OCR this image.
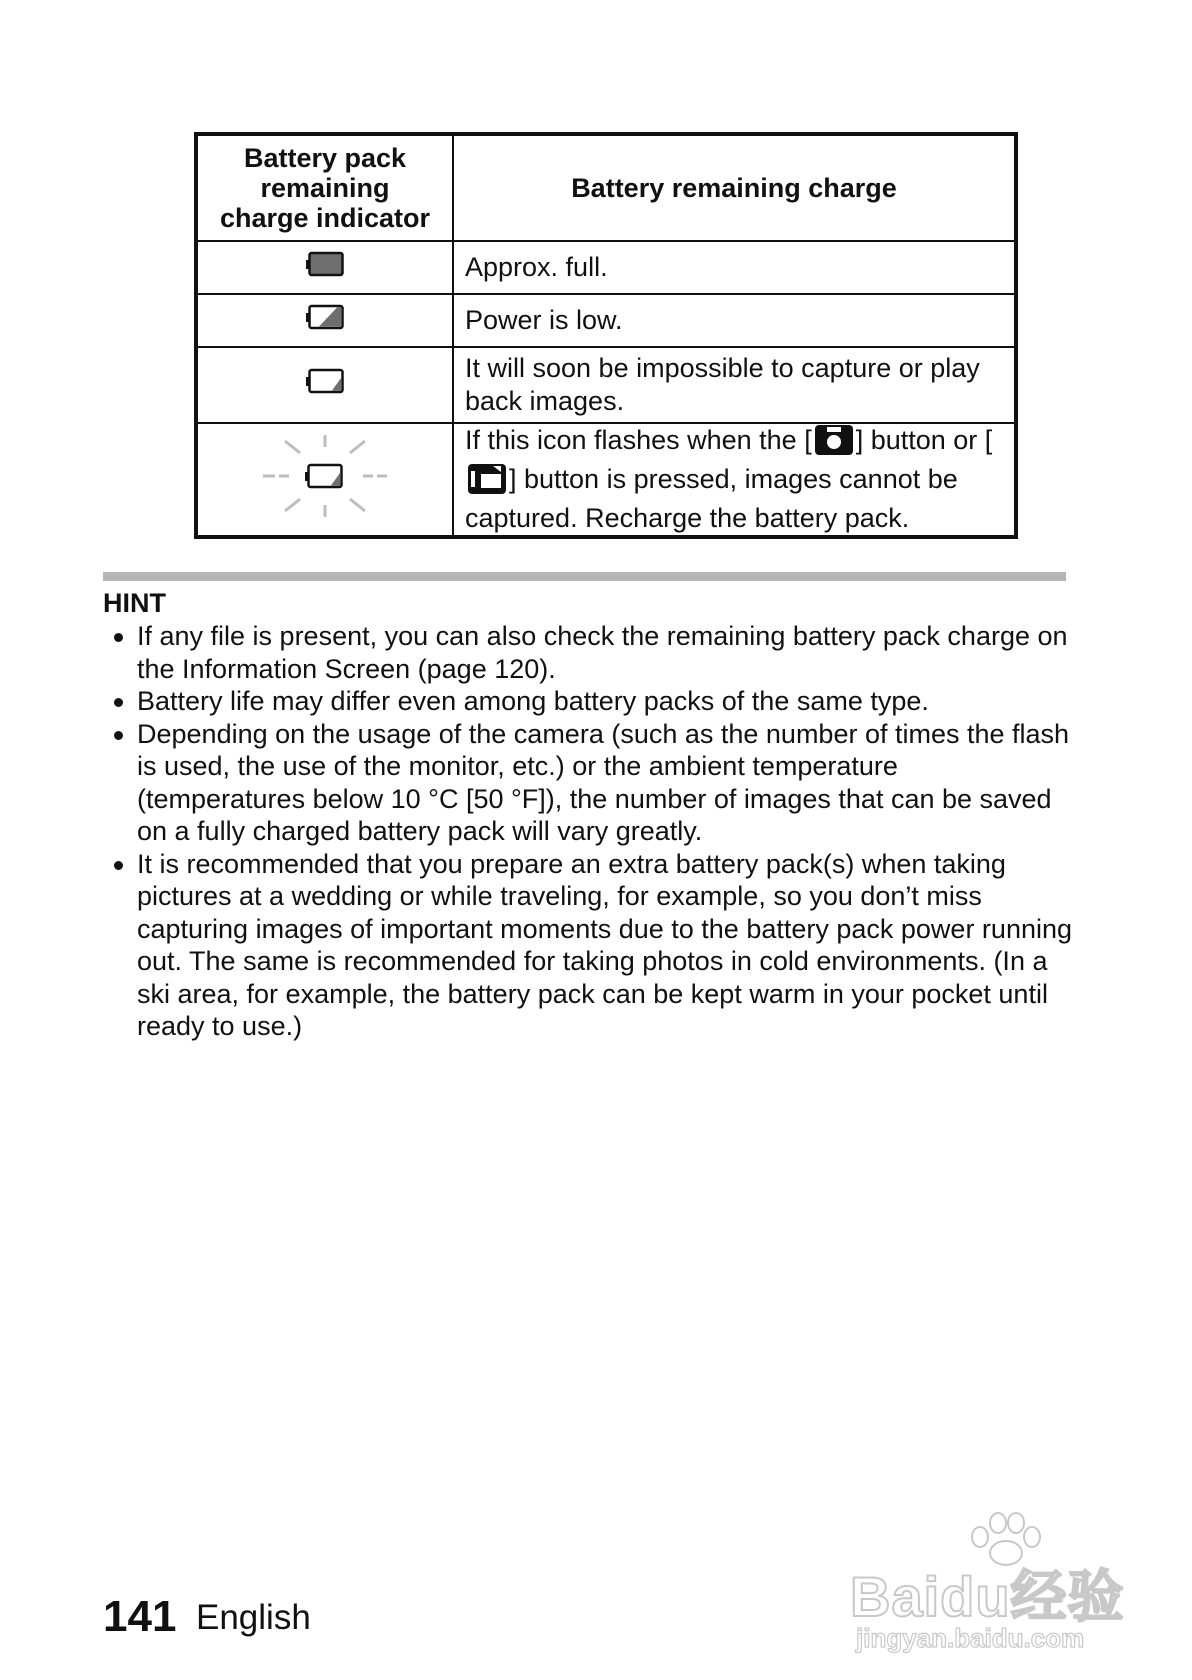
Battery pack
remaining
charge indicator	Battery remaining charge
	Approx. full.
	Power is low.
	It will soon be impossible to capture or play back images.
	If this icon flashes when the [ ] button or [] button is pressed, images cannot be captured. Recharge the battery pack.
HINT
If any file is present, you can also check the remaining battery pack charge on the Information Screen (page 120).
Battery life may differ even among battery packs of the same type.
Depending on the usage of the camera (such as the number of times the flash is used, the use of the monitor, etc.) or the ambient temperature (temperatures below 10 °C [50 °F]), the number of images that can be saved on a fully charged battery pack will vary greatly.
It is recommended that you prepare an extra battery pack(s) when taking pictures at a wedding or while traveling, for example, so you don’t miss capturing images of important moments due to the battery pack power running out. The same is recommended for taking photos in cold environments. (In a ski area, for example, the battery pack can be kept warm in your pocket until ready to use.)
141 English	Baidu经验
jingyan.baidu.com
